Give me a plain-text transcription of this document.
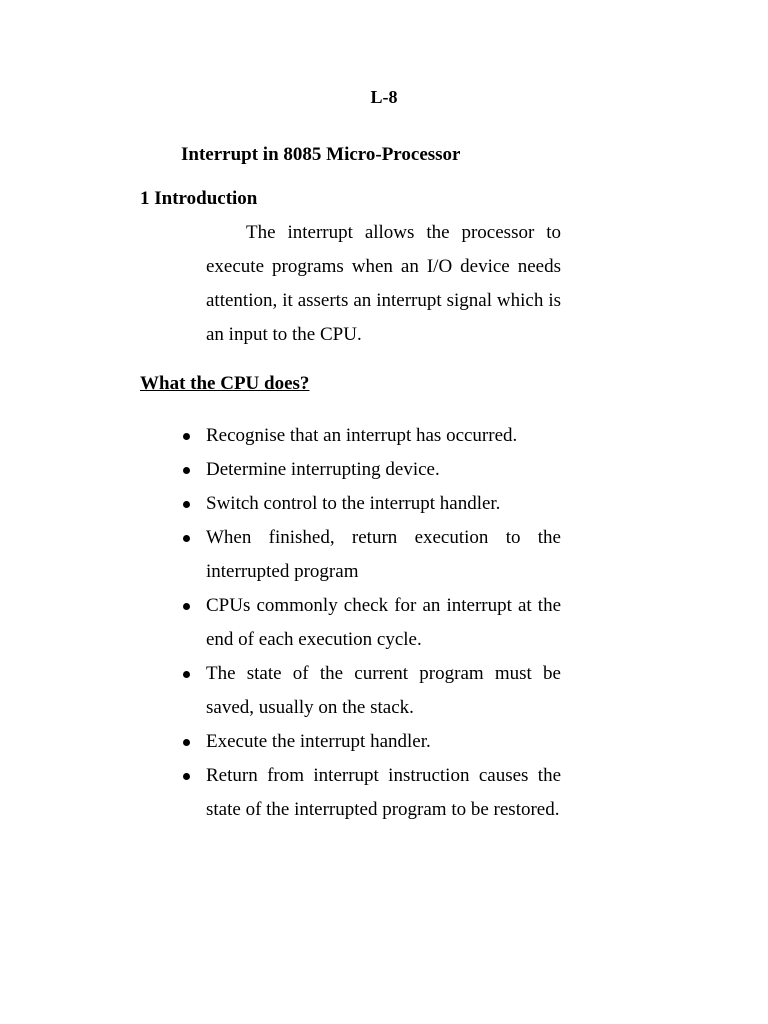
L-8
Interrupt in 8085 Micro-Processor
1 Introduction

The interrupt allows the processor to execute programs when an I/O device needs attention, it asserts an interrupt signal which is an input to the CPU.

What the CPU does?
Recognise that an interrupt has occurred.
Determine interrupting device.
Switch control to the interrupt handler.
When finished, return execution to the interrupted program
CPUs commonly check for an interrupt at the end of each execution cycle.
The state of the current program must be saved, usually on the stack.
Execute the interrupt handler.
Return from interrupt instruction causes the state of the interrupted program to be restored.
